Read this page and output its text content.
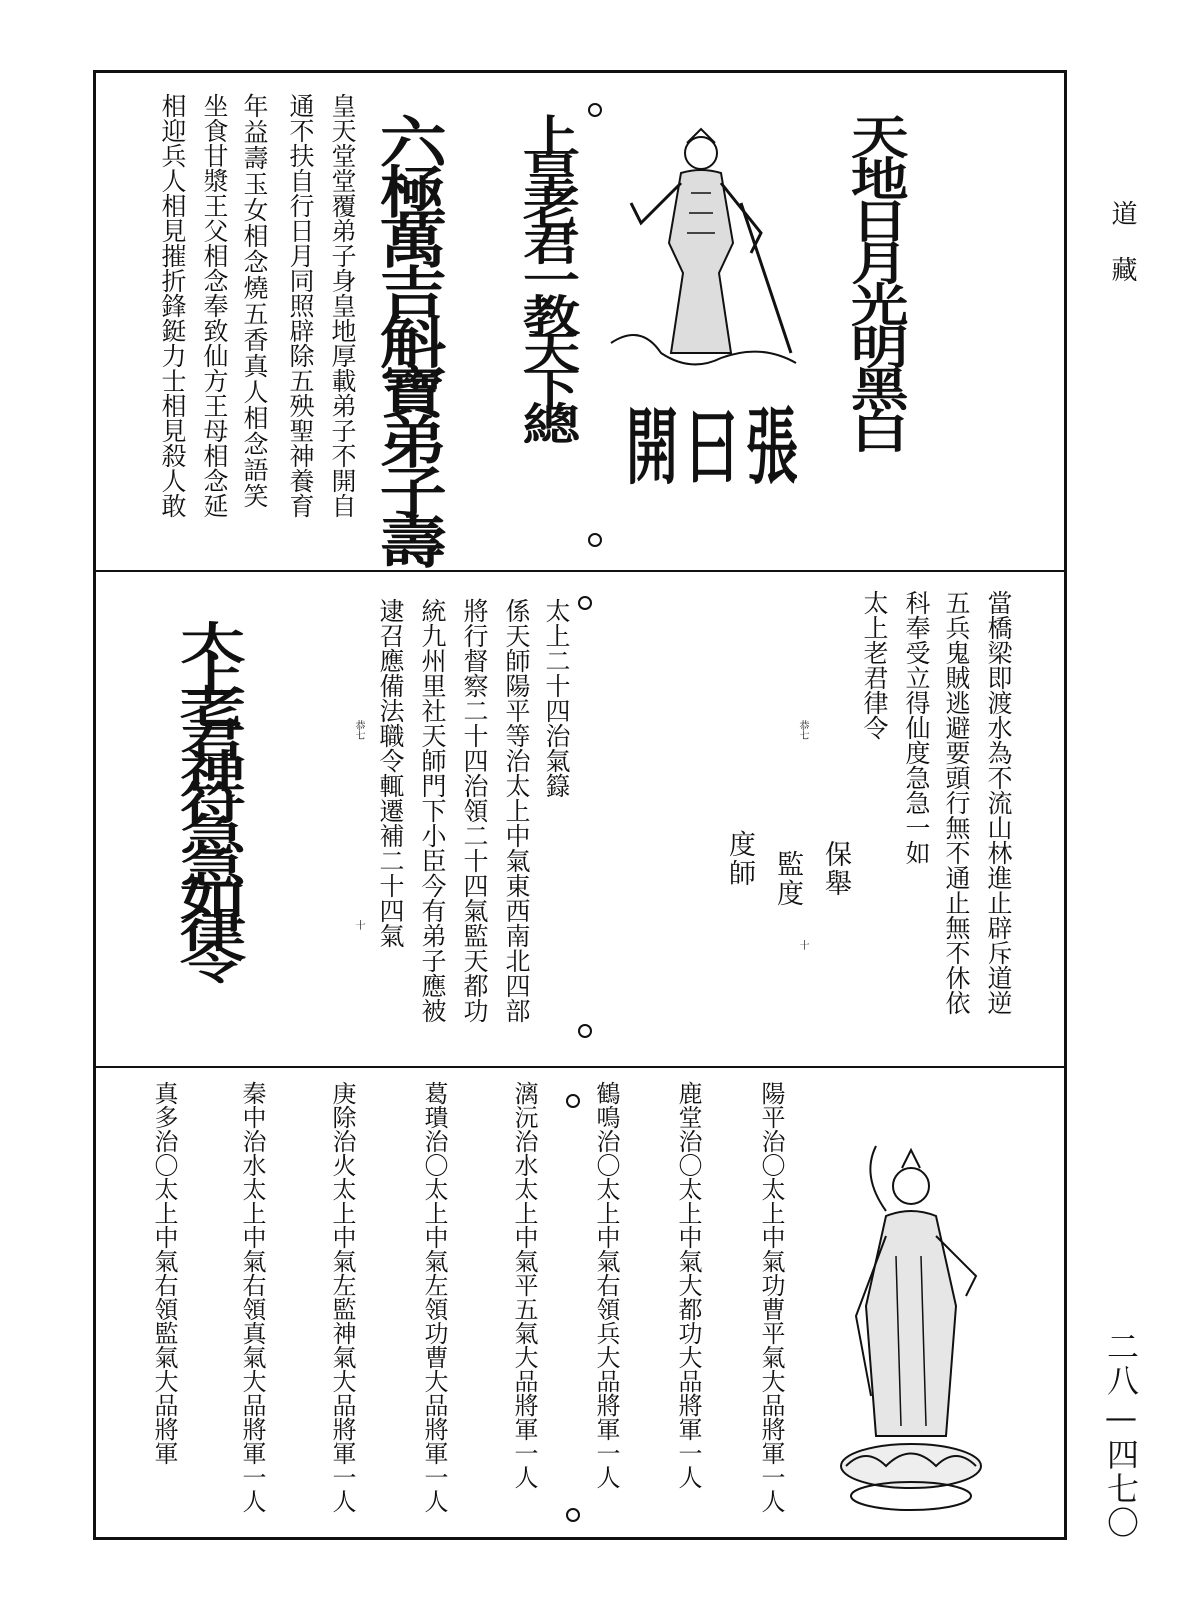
道藏
二八—四七〇
皇天堂堂覆弟子身皇地厚載弟子不開自
通不扶自行日月同照辟除五殃聖神養育
年益壽玉女相念燒五香真人相念語笑
坐食甘漿王父相念奉致仙方王母相念延
相迎兵人相見摧折鋒鋌力士相見殺人敢	六極萬吉斛寶弟子壽 上皇老君一教天下總
開曰張 天地日月光明黑白
太上老君神符急急如律令	太上二十四治氣籙
係天師陽平等治太上中氣東西南北四部
將行督察二十四治領二十四氣監天都功
統九州里社天師門下小臣今有弟子應被
逮召應備法職令輒遷補二十四氣
恭七
十	當橋梁即渡水為不流山林進止辟斥道逆
五兵鬼賊逃避要頭行無不通止無不休依
科奉受立得仙度急急一如
太上老君律令
恭七
保舉
監度
十
度師
陽平治〇太上中氣功曹平氣大品將軍一人
鹿堂治〇太上中氣大都功大品將軍一人
鶴鳴治〇太上中氣右領兵大品將軍一人
漓沅治水太上中氣平五氣大品將軍一人
葛璝治〇太上中氣左領功曹大品將軍一人
庚除治火太上中氣左監神氣大品將軍一人
秦中治水太上中氣右領真氣大品將軍一人
真多治〇太上中氣右領監氣大品將軍
